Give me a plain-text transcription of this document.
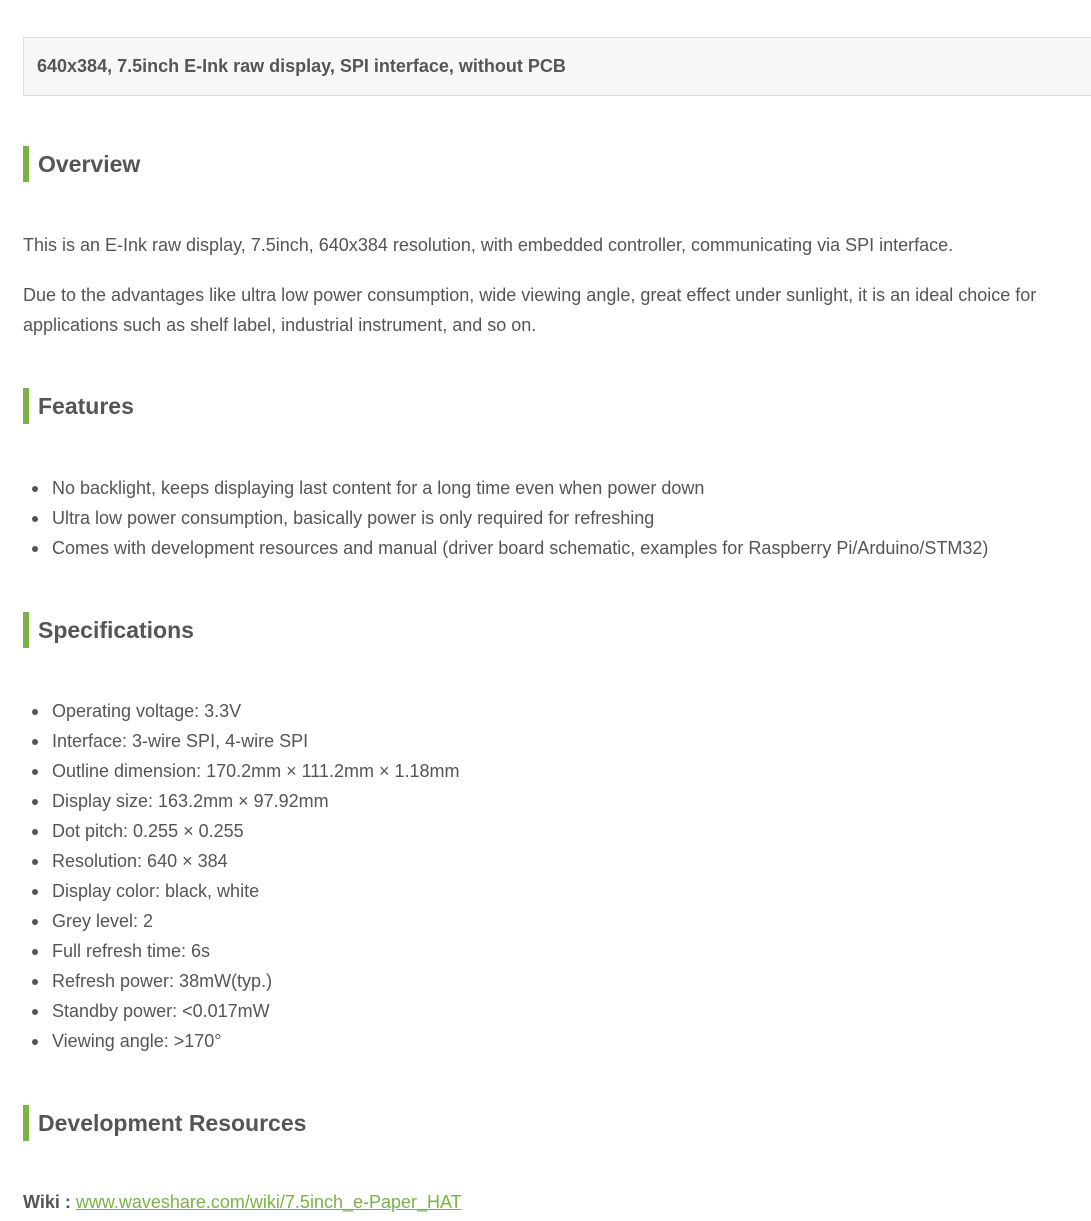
640x384, 7.5inch E-Ink raw display, SPI interface, without PCB
Overview

This is an E-Ink raw display, 7.5inch, 640x384 resolution, with embedded controller, communicating via SPI interface.

Due to the advantages like ultra low power consumption, wide viewing angle, great effect under sunlight, it is an ideal choice for applications such as shelf label, industrial instrument, and so on.

Features
No backlight, keeps displaying last content for a long time even when power down
Ultra low power consumption, basically power is only required for refreshing
Comes with development resources and manual (driver board schematic, examples for Raspberry Pi/Arduino/STM32)
Specifications
Operating voltage: 3.3V
Interface: 3-wire SPI, 4-wire SPI
Outline dimension: 170.2mm × 111.2mm × 1.18mm
Display size: 163.2mm × 97.92mm
Dot pitch: 0.255 × 0.255
Resolution: 640 × 384
Display color: black, white
Grey level: 2
Full refresh time: 6s
Refresh power: 38mW(typ.)
Standby power: <0.017mW
Viewing angle: >170°
Development Resources
Wiki : www.waveshare.com/wiki/7.5inch_e-Paper_HAT
